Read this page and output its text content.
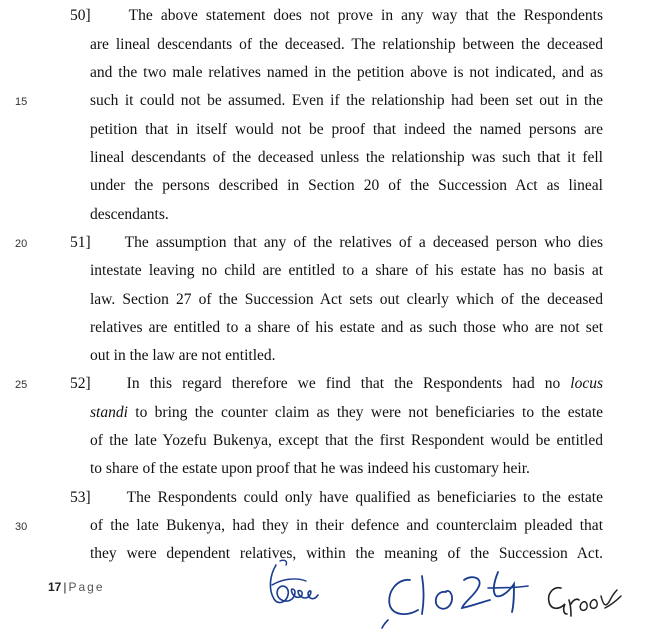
15
20
25
30
50] The above statement does not prove in any way that the Respondents
are lineal descendants of the deceased. The relationship between the deceased
and the two male relatives named in the petition above is not indicated, and as
such it could not be assumed. Even if the relationship had been set out in the
petition that in itself would not be proof that indeed the named persons are
lineal descendants of the deceased unless the relationship was such that it fell
under the persons described in Section 20 of the Succession Act as lineal
descendants.
51] The assumption that any of the relatives of a deceased person who dies
intestate leaving no child are entitled to a share of his estate has no basis at
law. Section 27 of the Succession Act sets out clearly which of the deceased
relatives are entitled to a share of his estate and as such those who are not set
out in the law are not entitled.
52] In this regard therefore we find that the Respondents had no locus
standi to bring the counter claim as they were not beneficiaries to the estate
of the late Yozefu Bukenya, except that the first Respondent would be entitled
to share of the estate upon proof that he was indeed his customary heir.
53] The Respondents could only have qualified as beneficiaries to the estate
of the late Bukenya, had they in their defence and counterclaim pleaded that
they were dependent relatives, within the meaning of the Succession Act.
17 | Page
